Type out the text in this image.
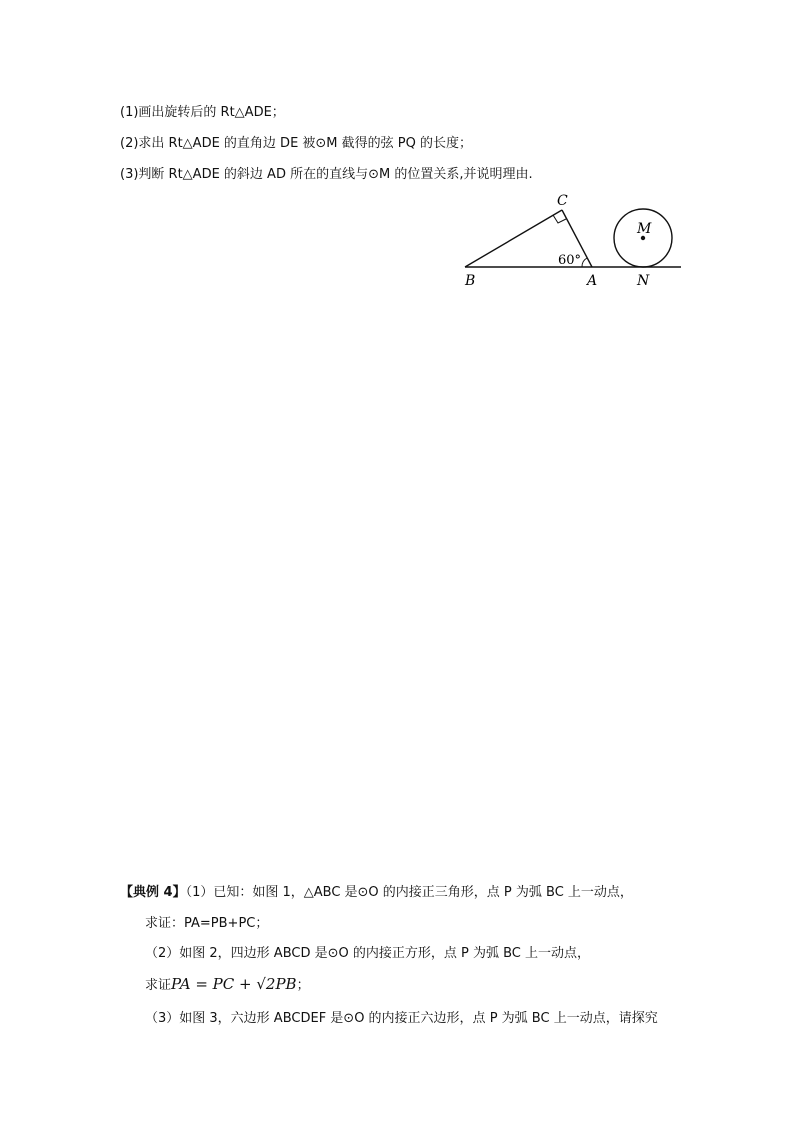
(1)画出旋转后的 Rt△ADE；
(2)求出 Rt△ADE 的直角边 DE 被⊙M 截得的弦 PQ 的长度；
(3)判断 Rt△ADE 的斜边 AD 所在的直线与⊙M 的位置关系,并说明理由.
C
B	A	N
M
60°
【典例 4】（1）已知：如图 1，△ABC 是⊙O 的内接正三角形，点 P 为弧 BC 上一动点，
求证：PA=PB+PC；
（2）如图 2，四边形 ABCD 是⊙O 的内接正方形，点 P 为弧 BC 上一动点，
求证PA = PC + √2PB；
（3）如图 3，六边形 ABCDEF 是⊙O 的内接正六边形，点 P 为弧 BC 上一动点，请探究
